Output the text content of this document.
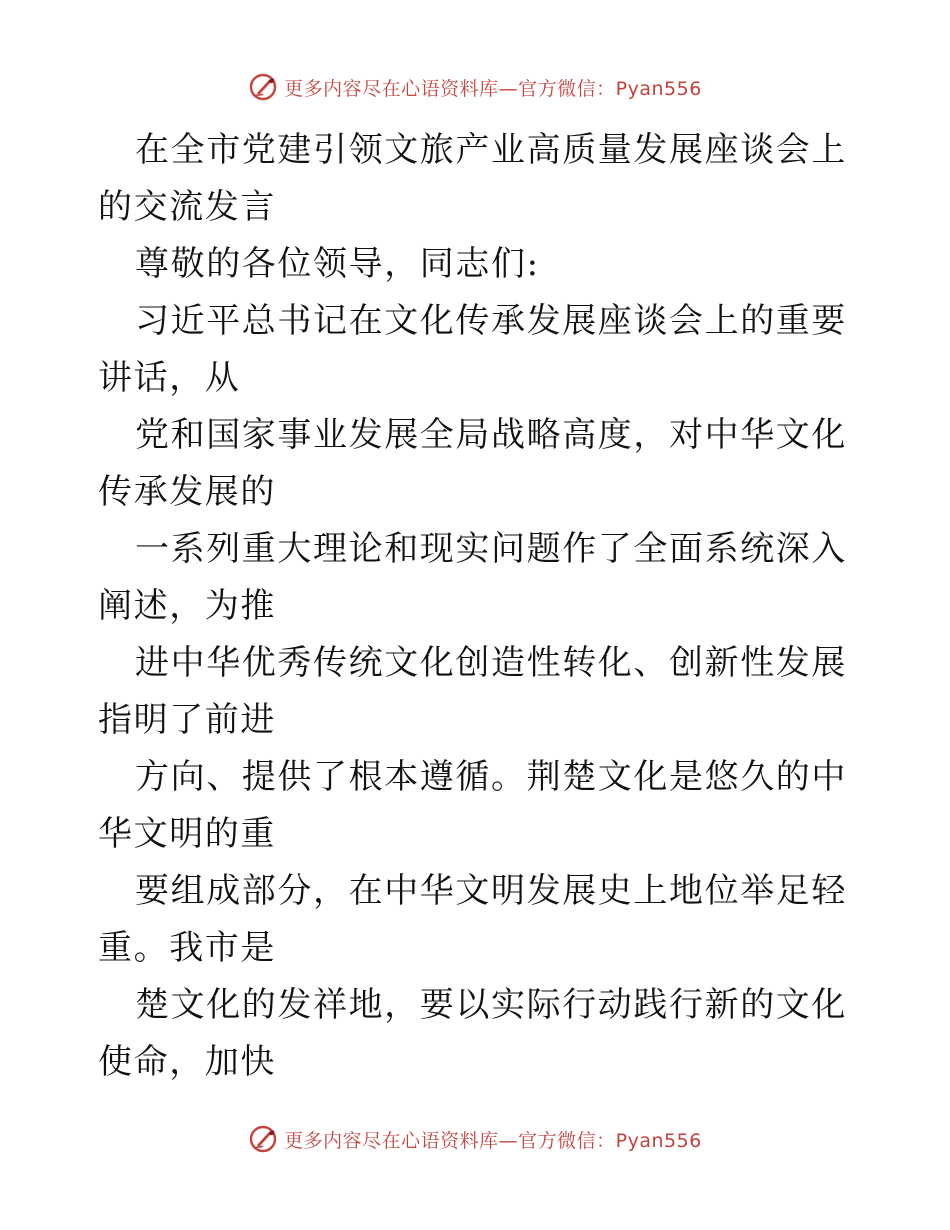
更多内容尽在心语资料库—官方微信：Pyan556

在全市党建引领文旅产业高质量发展座谈会上的交流发言

尊敬的各位领导，同志们:

习近平总书记在文化传承发展座谈会上的重要讲话，从

党和国家事业发展全局战略高度，对中华文化传承发展的

一系列重大理论和现实问题作了全面系统深入阐述，为推

进中华优秀传统文化创造性转化、创新性发展指明了前进

方向、提供了根本遵循。荆楚文化是悠久的中华文明的重

要组成部分，在中华文明发展史上地位举足轻重。我市是

楚文化的发祥地，要以实际行动践行新的文化使命，加快

更多内容尽在心语资料库—官方微信：Pyan556
